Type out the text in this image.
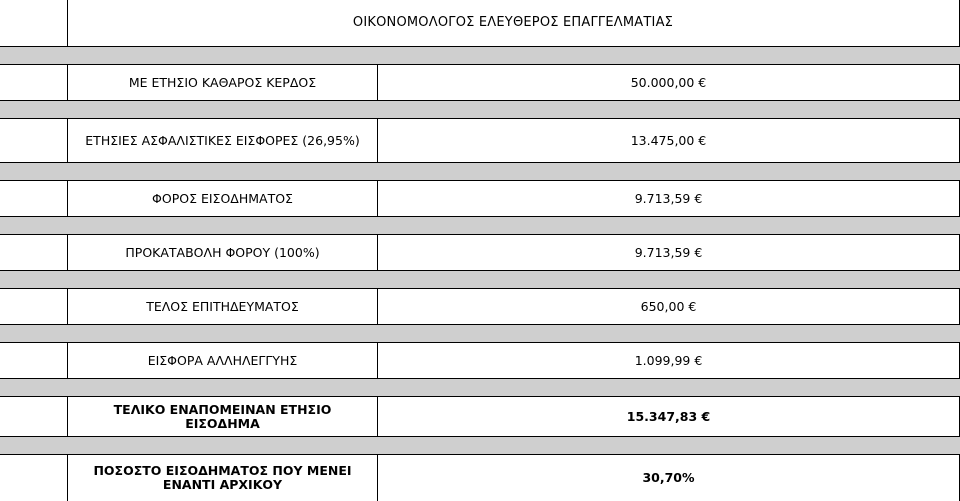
ΟΙΚΟΝΟΜΟΛΟΓΟΣ ΕΛΕΥΘΕΡΟΣ ΕΠΑΓΓΕΛΜΑΤΙΑΣ
ΜΕ ΕΤΗΣΙΟ ΚΑΘΑΡΟΣ ΚΕΡΔΟΣ	50.000,00 €
ΕΤΗΣΙΕΣ ΑΣΦΑΛΙΣΤΙΚΕΣ ΕΙΣΦΟΡΕΣ (26,95%)	13.475,00 €
ΦΟΡΟΣ ΕΙΣΟΔΗΜΑΤΟΣ	9.713,59 €
ΠΡΟΚΑΤΑΒΟΛΗ ΦΟΡΟΥ (100%)	9.713,59 €
ΤΕΛΟΣ ΕΠΙΤΗΔΕΥΜΑΤΟΣ	650,00 €
ΕΙΣΦΟΡΑ ΑΛΛΗΛΕΓΓΥΗΣ	1.099,99 €
ΤΕΛΙΚΟ ΕΝΑΠΟΜΕΙΝΑΝ ΕΤΗΣΙΟ ΕΙΣΟΔΗΜΑ	15.347,83 €
ΠΟΣΟΣΤΟ ΕΙΣΟΔΗΜΑΤΟΣ ΠΟΥ ΜΕΝΕΙ ΕΝΑΝΤΙ ΑΡΧΙΚΟΥ	30,70%
